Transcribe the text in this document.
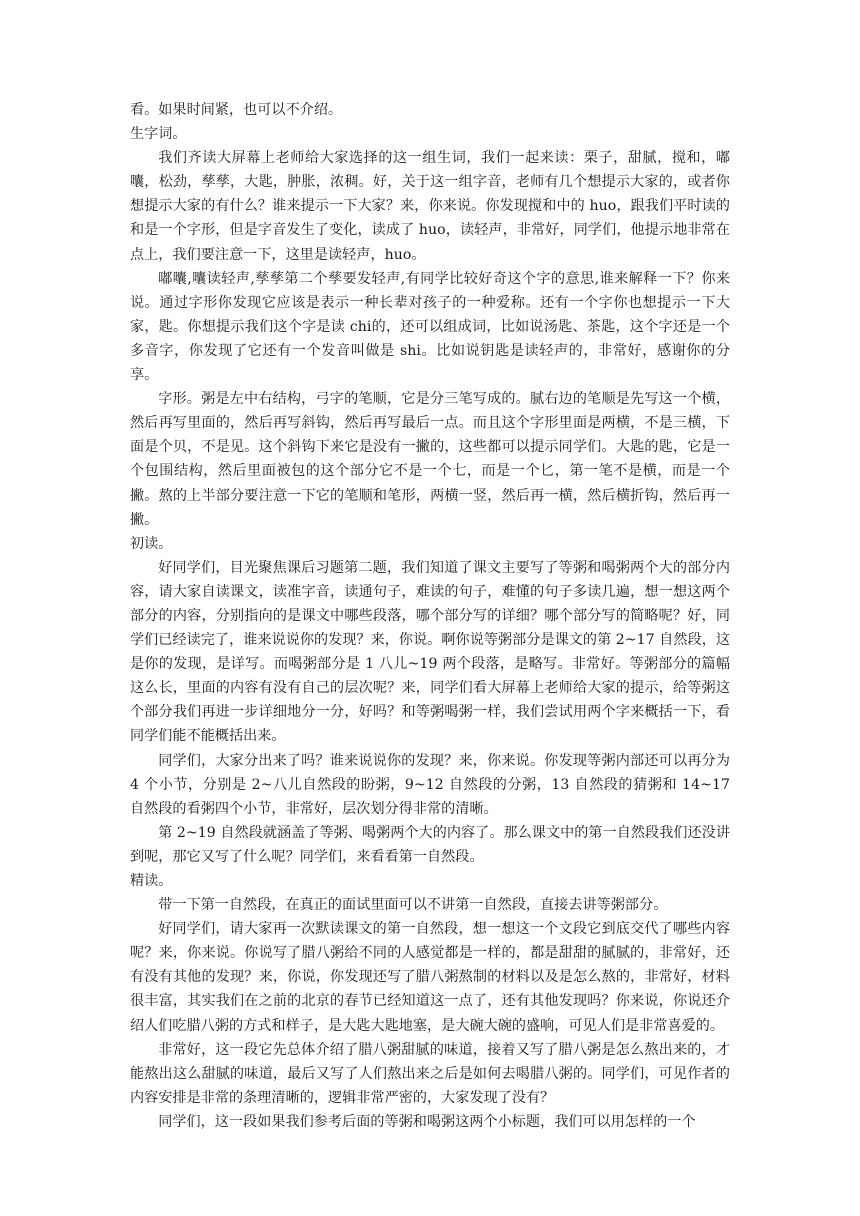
看。如果时间紧，也可以不介绍。

生字词。

我们齐读大屏幕上老师给大家选择的这一组生词，我们一起来读：栗子，甜腻，搅和，嘟囔，松劲，孳孳，大匙，肿胀，浓稠。好，关于这一组字音，老师有几个想提示大家的，或者你想提示大家的有什么？谁来提示一下大家？来，你来说。你发现搅和中的 huo，跟我们平时读的和是一个字形，但是字音发生了变化，读成了 huo，读轻声，非常好，同学们，他提示地非常在点上，我们要注意一下，这里是读轻声，huo。

嘟囔,囔读轻声,孳孳第二个孳要发轻声,有同学比较好奇这个字的意思,谁来解释一下？你来说。通过字形你发现它应该是表示一种长辈对孩子的一种爱称。还有一个字你也想提示一下大家，匙。你想提示我们这个字是读 chi的，还可以组成词，比如说汤匙、茶匙，这个字还是一个多音字，你发现了它还有一个发音叫做是 shi。比如说钥匙是读轻声的，非常好，感谢你的分享。

字形。粥是左中右结构，弓字的笔顺，它是分三笔写成的。腻右边的笔顺是先写这一个横，然后再写里面的，然后再写斜钩，然后再写最后一点。而且这个字形里面是两横，不是三横，下面是个贝，不是见。这个斜钩下来它是没有一撇的，这些都可以提示同学们。大匙的匙，它是一个包围结构，然后里面被包的这个部分它不是一个七，而是一个匕，第一笔不是横，而是一个撇。熬的上半部分要注意一下它的笔顺和笔形，两横一竖，然后再一横，然后横折钩，然后再一撇。

初读。

好同学们，目光聚焦课后习题第二题，我们知道了课文主要写了等粥和喝粥两个大的部分内容，请大家自读课文，读准字音，读通句子，难读的句子，难懂的句子多读几遍，想一想这两个部分的内容，分别指向的是课文中哪些段落，哪个部分写的详细？哪个部分写的简略呢？好，同学们已经读完了，谁来说说你的发现？来，你说。啊你说等粥部分是课文的第 2~17 自然段，这是你的发现，是详写。而喝粥部分是 1 八儿~19 两个段落，是略写。非常好。等粥部分的篇幅这么长，里面的内容有没有自己的层次呢？来，同学们看大屏幕上老师给大家的提示，给等粥这个部分我们再进一步详细地分一分，好吗？和等粥喝粥一样，我们尝试用两个字来概括一下，看同学们能不能概括出来。

同学们，大家分出来了吗？谁来说说你的发现？来，你来说。你发现等粥内部还可以再分为 4 个小节，分别是 2~八儿自然段的盼粥，9~12 自然段的分粥，13 自然段的猜粥和 14~17 自然段的看粥四个小节，非常好，层次划分得非常的清晰。

第 2~19 自然段就涵盖了等粥、喝粥两个大的内容了。那么课文中的第一自然段我们还没讲到呢，那它又写了什么呢？同学们，来看看第一自然段。

精读。

带一下第一自然段，在真正的面试里面可以不讲第一自然段，直接去讲等粥部分。

好同学们，请大家再一次默读课文的第一自然段，想一想这一个文段它到底交代了哪些内容呢？来，你来说。你说写了腊八粥给不同的人感觉都是一样的，都是甜甜的腻腻的，非常好，还有没有其他的发现？来，你说，你发现还写了腊八粥熬制的材料以及是怎么熬的，非常好，材料很丰富，其实我们在之前的北京的春节已经知道这一点了，还有其他发现吗？你来说，你说还介绍人们吃腊八粥的方式和样子，是大匙大匙地塞，是大碗大碗的盛响，可见人们是非常喜爱的。

非常好，这一段它先总体介绍了腊八粥甜腻的味道，接着又写了腊八粥是怎么熬出来的，才能熬出这么甜腻的味道，最后又写了人们熬出来之后是如何去喝腊八粥的。同学们，可见作者的内容安排是非常的条理清晰的，逻辑非常严密的，大家发现了没有？

同学们，这一段如果我们参考后面的等粥和喝粥这两个小标题，我们可以用怎样的一个
